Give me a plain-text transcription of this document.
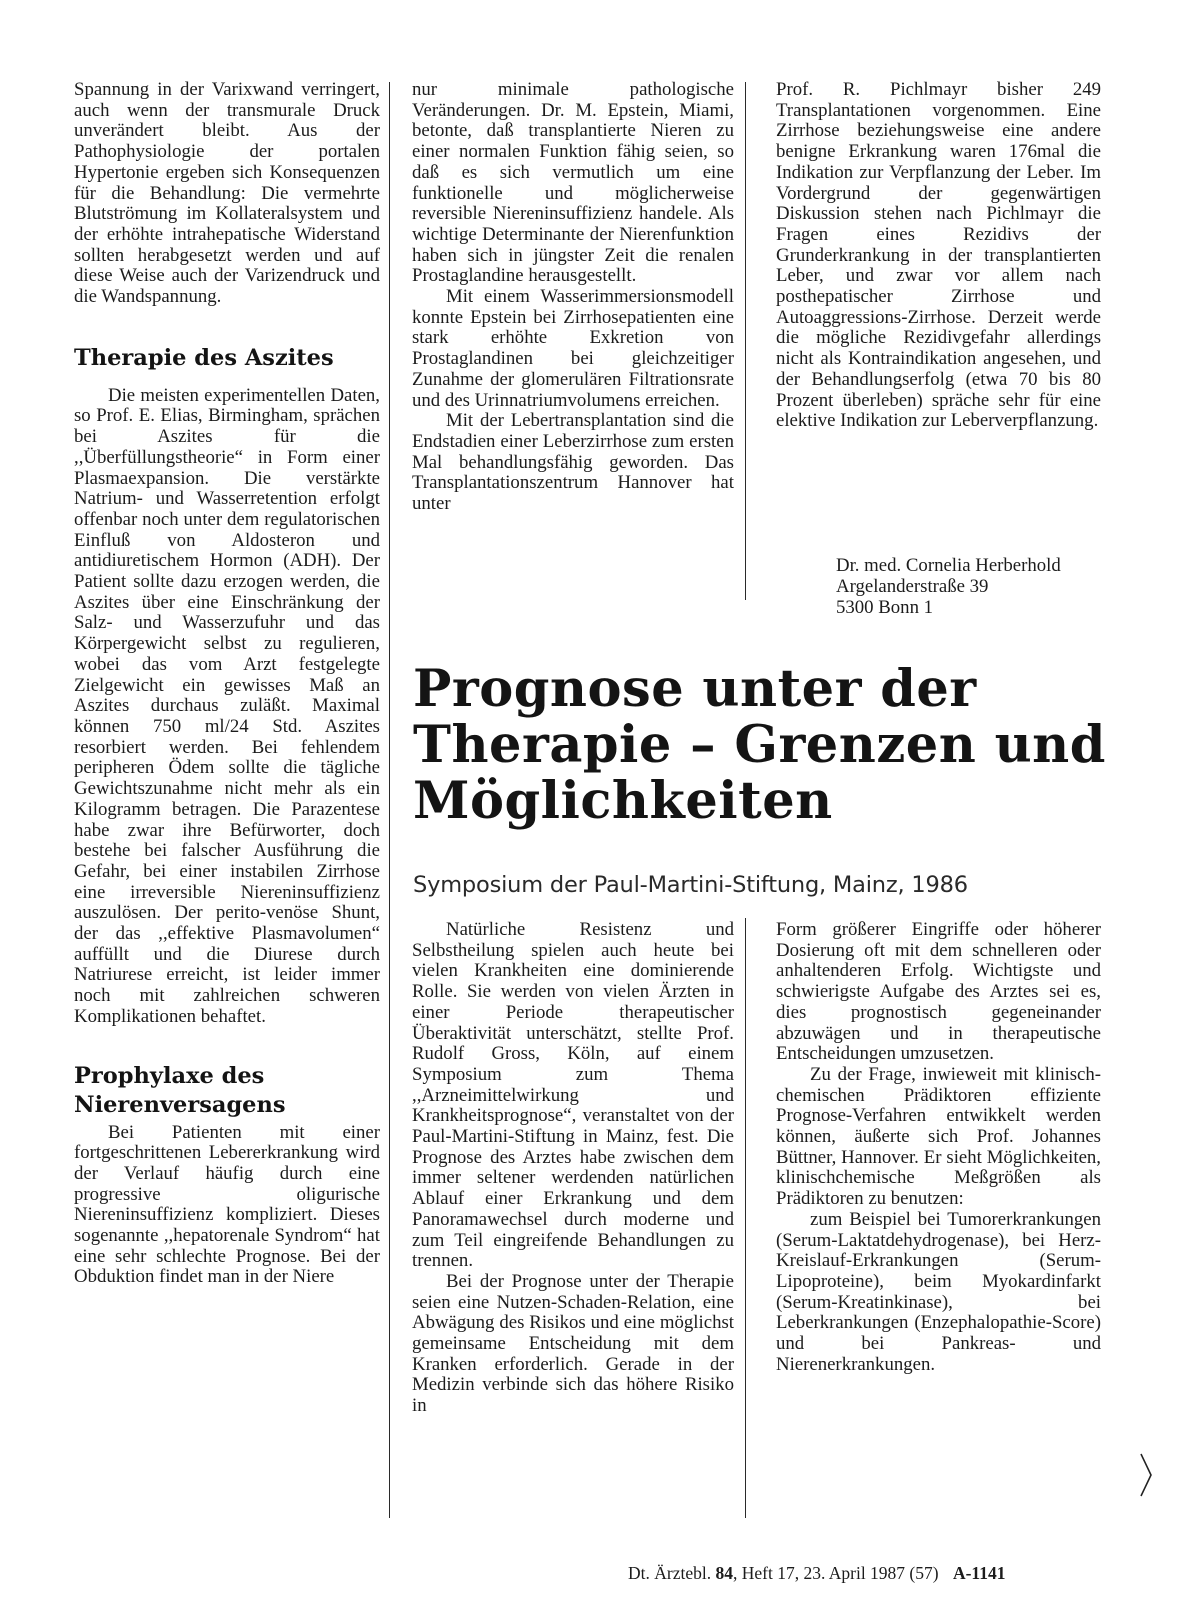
Spannung in der Varixwand verringert, auch wenn der transmurale Druck unverändert bleibt. Aus der Pathophysiologie der portalen Hypertonie ergeben sich Konsequenzen für die Behandlung: Die vermehrte Blutströmung im Kollateralsystem und der erhöhte intrahepatische Widerstand sollten herabgesetzt werden und auf diese Weise auch der Varizendruck und die Wandspannung.

Therapie des Aszites

Die meisten experimentellen Daten, so Prof. E. Elias, Birmingham, sprächen bei Aszites für die ,,Überfüllungstheorie“ in Form einer Plasmaexpansion. Die verstärkte Natrium- und Wasserretention erfolgt offenbar noch unter dem regulatorischen Einfluß von Aldosteron und antidiuretischem Hormon (ADH). Der Patient sollte dazu erzogen werden, die Aszites über eine Einschränkung der Salz- und Wasserzufuhr und das Körpergewicht selbst zu regulieren, wobei das vom Arzt festgelegte Zielgewicht ein gewisses Maß an Aszites durchaus zuläßt. Maximal können 750 ml/24 Std. Aszites resorbiert werden. Bei fehlendem peripheren Ödem sollte die tägliche Gewichtszunahme nicht mehr als ein Kilogramm betragen. Die Parazentese habe zwar ihre Befürworter, doch bestehe bei falscher Ausführung die Gefahr, bei einer instabilen Zirrhose eine irreversible Niereninsuffizienz auszulösen. Der perito-venöse Shunt, der das ,,effektive Plasmavolumen“ auffüllt und die Diurese durch Natriurese erreicht, ist leider immer noch mit zahlreichen schweren Komplikationen behaftet.

Prophylaxe des
Nierenversagens

Bei Patienten mit einer fortgeschrittenen Lebererkrankung wird der Verlauf häufig durch eine progressive oligurische Niereninsuffizienz kompliziert. Dieses sogenannte ,,hepatorenale Syndrom“ hat eine sehr schlechte Prognose. Bei der Obduktion findet man in der Niere

nur minimale pathologische Veränderungen. Dr. M. Epstein, Miami, betonte, daß transplantierte Nieren zu einer normalen Funktion fähig seien, so daß es sich vermutlich um eine funktionelle und möglicherweise reversible Niereninsuffizienz handele. Als wichtige Determinante der Nierenfunktion haben sich in jüngster Zeit die renalen Prostaglandine herausgestellt.

Mit einem Wasserimmersionsmodell konnte Epstein bei Zirrhosepatienten eine stark erhöhte Exkretion von Prostaglandinen bei gleichzeitiger Zunahme der glomerulären Filtrationsrate und des Urinnatriumvolumens erreichen.

Mit der Lebertransplantation sind die Endstadien einer Leberzirrhose zum ersten Mal behandlungsfähig geworden. Das Transplantationszentrum Hannover hat unter

Prof. R. Pichlmayr bisher 249 Transplantationen vorgenommen. Eine Zirrhose beziehungsweise eine andere benigne Erkrankung waren 176mal die Indikation zur Verpflanzung der Leber. Im Vordergrund der gegenwärtigen Diskussion stehen nach Pichlmayr die Fragen eines Rezidivs der Grunderkrankung in der transplantierten Leber, und zwar vor allem nach posthepatischer Zirrhose und Autoaggressions-Zirrhose. Derzeit werde die mögliche Rezidivgefahr allerdings nicht als Kontraindikation angesehen, und der Behandlungserfolg (etwa 70 bis 80 Prozent überleben) spräche sehr für eine elektive Indikation zur Leberverpflanzung.

Dr. med. Cornelia Herberhold
Argelanderstraße 39
5300 Bonn 1
Prognose unter der
Therapie – Grenzen und
Möglichkeiten
Symposium der Paul-Martini-Stiftung, Mainz, 1986

Natürliche Resistenz und Selbstheilung spielen auch heute bei vielen Krankheiten eine dominierende Rolle. Sie werden von vielen Ärzten in einer Periode therapeutischer Überaktivität unterschätzt, stellte Prof. Rudolf Gross, Köln, auf einem Symposium zum Thema ,,Arzneimittelwirkung und Krankheitsprognose“, veranstaltet von der Paul-Martini-Stiftung in Mainz, fest. Die Prognose des Arztes habe zwischen dem immer seltener werdenden natürlichen Ablauf einer Erkrankung und dem Panoramawechsel durch moderne und zum Teil eingreifende Behandlungen zu trennen.

Bei der Prognose unter der Therapie seien eine Nutzen-Schaden-Relation, eine Abwägung des Risikos und eine möglichst gemeinsame Entscheidung mit dem Kranken erforderlich. Gerade in der Medizin verbinde sich das höhere Risiko in

Form größerer Eingriffe oder höherer Dosierung oft mit dem schnelleren oder anhaltenderen Erfolg. Wichtigste und schwierigste Aufgabe des Arztes sei es, dies prognostisch gegeneinander abzuwägen und in therapeutische Entscheidungen umzusetzen.

Zu der Frage, inwieweit mit klinisch-chemischen Prädiktoren effiziente Prognose-Verfahren entwikkelt werden können, äußerte sich Prof. Johannes Büttner, Hannover. Er sieht Möglichkeiten, klinischchemische Meßgrößen als Prädiktoren zu benutzen:

zum Beispiel bei Tumorerkrankungen (Serum-Laktatdehydrogenase), bei Herz-Kreislauf-Erkrankungen (Serum-Lipoproteine), beim Myokardinfarkt (Serum-Kreatinkinase), bei Leberkrankungen (Enzephalopathie-Score) und bei Pankreas- und Nierenerkrankungen.

Dt. Ärztebl. 84, Heft 17, 23. April 1987 (57) A-1141
